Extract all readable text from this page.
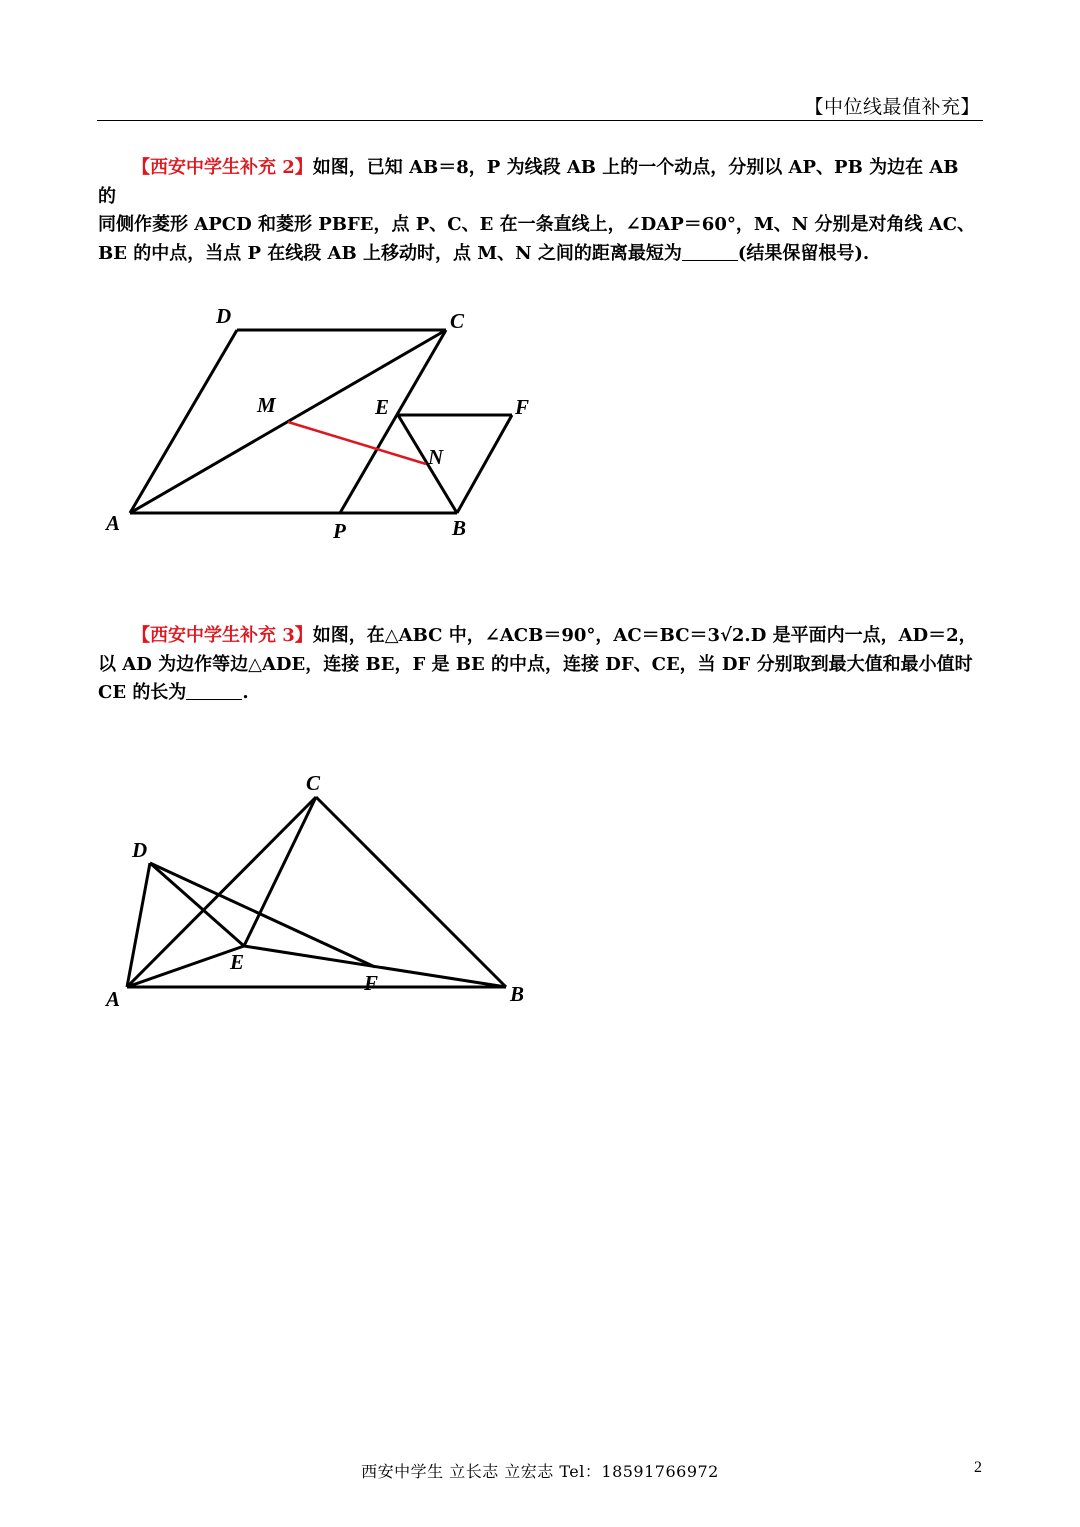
【中位线最值补充】
【西安中学生补充 2】如图，已知 AB＝8，P 为线段 AB 上的一个动点，分别以 AP、PB 为边在 AB 的
同侧作菱形 APCD 和菱形 PBFE，点 P、C、E 在一条直线上，∠DAP＝60°，M、N 分别是对角线 AC、
BE 的中点，当点 P 在线段 AB 上移动时，点 M、N 之间的距离最短为	(结果保留根号).
D	C
M	E	F
N
A	P	B
【西安中学生补充 3】如图，在△ABC 中，∠ACB＝90°，AC＝BC＝3√2.D 是平面内一点，AD＝2，
以 AD 为边作等边△ADE，连接 BE，F 是 BE 的中点，连接 DF、CE，当 DF 分别取到最大值和最小值时
CE 的长为	.
C
D
E
A
F	B
西安中学生 立长志 立宏志 Tel：18591766972	2
